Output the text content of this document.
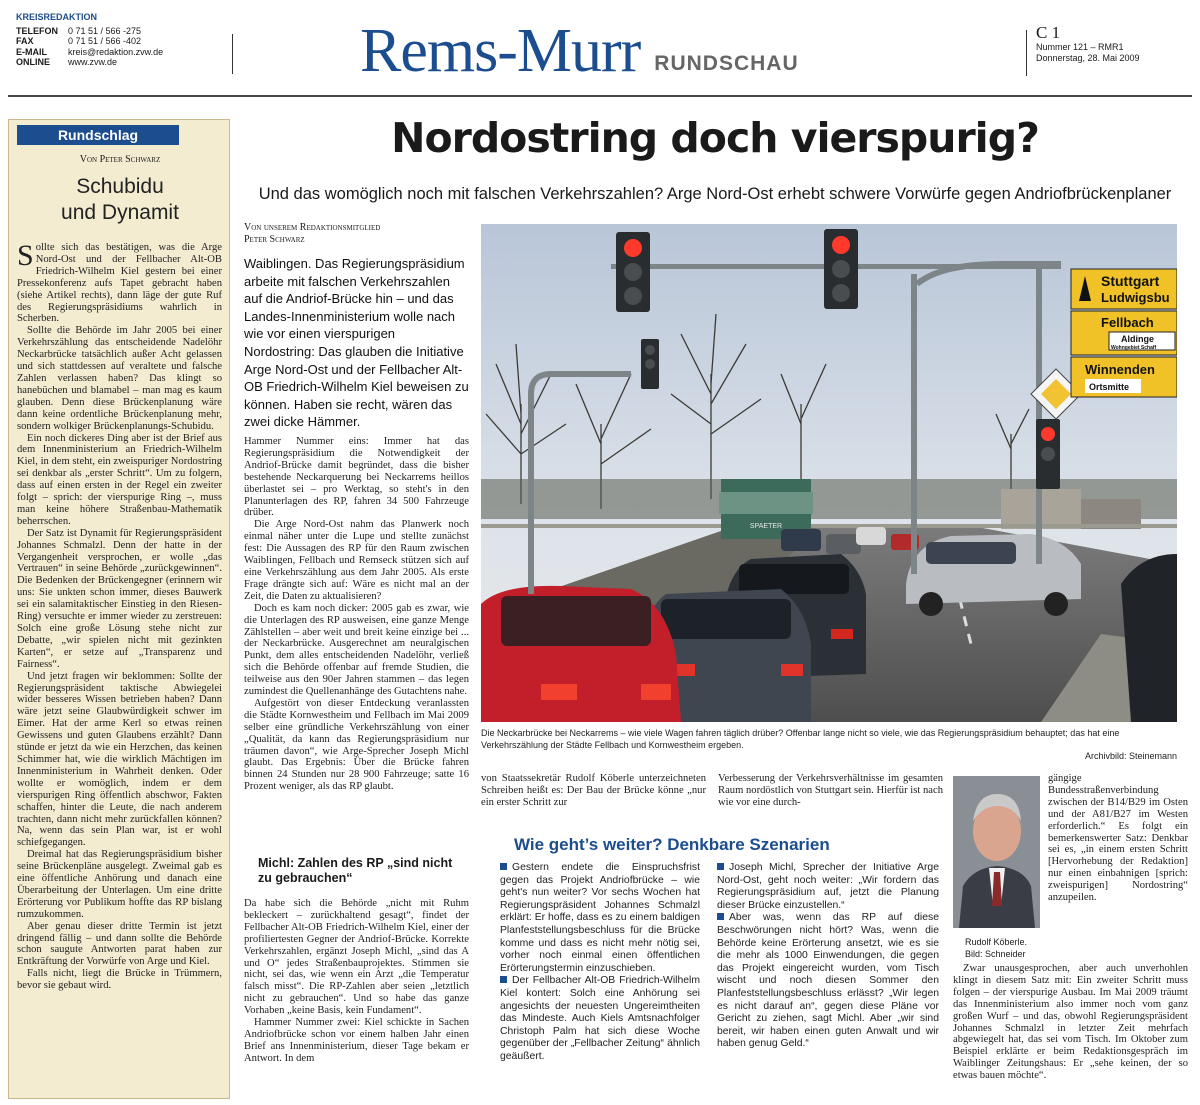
KREISREDAKTION
TELEFON	0 71 51 / 566 -275
FAX	0 71 51 / 566 -402
E-MAIL	kreis@redaktion.zvw.de
ONLINE	www.zvw.de	Rems-Murr RUNDSCHAU
C 1
Nummer 121 – RMR1
Donnerstag, 28. Mai 2009
Rundschlag
Von Peter Schwarz
Schubidu
und Dynamit

Sollte sich das bestätigen, was die Arge Nord-Ost und der Fellbacher Alt-OB Friedrich-Wilhelm Kiel gestern bei einer Pressekonferenz aufs Tapet gebracht haben (siehe Artikel rechts), dann läge der gute Ruf des Regierungspräsidiums wahrlich in Scherben.

Sollte die Behörde im Jahr 2005 bei einer Verkehrszählung das entscheidende Nadelöhr Neckarbrücke tatsächlich außer Acht gelassen und sich stattdessen auf veraltete und falsche Zahlen verlassen haben? Das klingt so hanebüchen und blamabel – man mag es kaum glauben. Denn diese Brückenplanung wäre dann keine ordentliche Brückenplanung mehr, sondern wolkiger Brückenplanungs-Schubidu.

Ein noch dickeres Ding aber ist der Brief aus dem Innenministerium an Friedrich-Wilhelm Kiel, in dem steht, ein zweispuriger Nordostring sei denkbar als „erster Schritt“. Um zu folgern, dass auf einen ersten in der Regel ein zweiter folgt – sprich: der vierspurige Ring –, muss man keine höhere Straßenbau-Mathematik beherrschen.

Der Satz ist Dynamit für Regierungspräsident Johannes Schmalzl. Denn der hatte in der Vergangenheit versprochen, er wolle „das Vertrauen“ in seine Behörde „zurückgewinnen“. Die Bedenken der Brückengegner (erinnern wir uns: Sie unkten schon immer, dieses Bauwerk sei ein salamitaktischer Einstieg in den Riesen-Ring) versuchte er immer wieder zu zerstreuen: Solch eine große Lösung stehe nicht zur Debatte, „wir spielen nicht mit gezinkten Karten“, er setze auf „Transparenz und Fairness“.

Und jetzt fragen wir beklommen: Sollte der Regierungspräsident taktische Abwiegelei wider besseres Wissen betrieben haben? Dann wäre jetzt seine Glaubwürdigkeit schwer im Eimer. Hat der arme Kerl so etwas reinen Gewissens und guten Glaubens erzählt? Dann stünde er jetzt da wie ein Herzchen, das keinen Schimmer hat, wie die wirklich Mächtigen im Innenministerium in Wahrheit denken. Oder wollte er womöglich, indem er dem vierspurigen Ring öffentlich abschwor, Fakten schaffen, hinter die Leute, die nach anderem trachten, dann nicht mehr zurückfallen können? Na, wenn das sein Plan war, ist er wohl schiefgegangen.

Dreimal hat das Regierungspräsidium bisher seine Brückenpläne ausgelegt. Zweimal gab es eine öffentliche Anhörung und danach eine Überarbeitung der Unterlagen. Um eine dritte Erörterung vor Publikum hoffte das RP bislang rumzukommen.

Aber genau dieser dritte Termin ist jetzt dringend fällig – und dann sollte die Behörde schon saugute Antworten parat haben zur Entkräftung der Vorwürfe von Arge und Kiel.

Falls nicht, liegt die Brücke in Trümmern, bevor sie gebaut wird.

Nordostring doch vierspurig?
Und das womöglich noch mit falschen Verkehrszahlen? Arge Nord-Ost erhebt schwere Vorwürfe gegen Andriofbrückenplaner
Von unserem Redaktionsmitglied
Peter Schwarz
Waiblingen. Das Regierungspräsidium arbeite mit falschen Verkehrszahlen auf die Andriof-Brücke hin – und das Landes-Innenministerium wolle nach wie vor einen vierspurigen Nordostring: Das glauben die Initiative Arge Nord-Ost und der Fellbacher Alt-OB Friedrich-Wilhelm Kiel beweisen zu können. Haben sie recht, wären das zwei dicke Hämmer.

Hammer Nummer eins: Immer hat das Regierungspräsidium die Notwendigkeit der Andriof-Brücke damit begründet, dass die bisher bestehende Neckarquerung bei Neckarrems heillos überlastet sei – pro Werktag, so steht's in den Planunterlagen des RP, fahren 34 500 Fahrzeuge drüber.

Die Arge Nord-Ost nahm das Planwerk noch einmal näher unter die Lupe und stellte zunächst fest: Die Aussagen des RP für den Raum zwischen Waiblingen, Fellbach und Remseck stützen sich auf eine Verkehrszählung aus dem Jahr 2005. Als erste Frage drängte sich auf: Wäre es nicht mal an der Zeit, die Daten zu aktualisieren?

Doch es kam noch dicker: 2005 gab es zwar, wie die Unterlagen des RP ausweisen, eine ganze Menge Zählstellen – aber weit und breit keine einzige bei ... der Neckarbrücke. Ausgerechnet am neuralgischen Punkt, dem alles entscheidenden Nadelöhr, verließ sich die Behörde offenbar auf fremde Studien, die teilweise aus den 90er Jahren stammen – das legen zumindest die Quellenanhänge des Gutachtens nahe.

Aufgestört von dieser Entdeckung veranlassten die Städte Kornwestheim und Fellbach im Mai 2009 selber eine gründliche Verkehrszählung von einer „Qualität, da kann das Regierungspräsidium nur träumen davon“, wie Arge-Sprecher Joseph Michl glaubt. Das Ergebnis: Über die Brücke fahren binnen 24 Stunden nur 28 900 Fahrzeuge; satte 16 Prozent weniger, als das RP glaubt.

Michl: Zahlen des RP „sind nicht zu gebrauchen“

Da habe sich die Behörde „nicht mit Ruhm bekleckert – zurückhaltend gesagt“, findet der Fellbacher Alt-OB Friedrich-Wilhelm Kiel, einer der profiliertesten Gegner der Andriof-Brücke. Korrekte Verkehrszahlen, ergänzt Joseph Michl, „sind das A und O“ jedes Straßenbauprojektes. Stimmen sie nicht, sei das, wie wenn ein Arzt „die Temperatur falsch misst“. Die RP-Zahlen aber seien „letztlich nicht zu gebrauchen“. Und so habe das ganze Vorhaben „keine Basis, kein Fundament“.

Hammer Nummer zwei: Kiel schickte in Sachen Andriofbrücke schon vor einem halben Jahr einen Brief ans Innenministerium, dieser Tage bekam er Antwort. In dem

SPAETER
Stuttgart
Ludwigsbu
Fellbach
Aldinge
Wohngebiet Schaff
Winnenden
Ortsmitte
Die Neckarbrücke bei Neckarrems – wie viele Wagen fahren täglich drüber? Offenbar lange nicht so viele, wie das Regierungspräsidium behauptet; das hat eine Verkehrszählung der Städte Fellbach und Kornwestheim ergeben.
Archivbild: Steinemann

von Staatssekretär Rudolf Köberle unterzeichneten Schreiben heißt es: Der Bau der Brücke könne „nur ein erster Schritt zur

Verbesserung der Verkehrsverhältnisse im gesamten Raum nordöstlich von Stuttgart sein. Hierfür ist nach wie vor eine durch-

Wie geht’s weiter? Denkbare Szenarien

Gestern endete die Einspruchsfrist gegen das Projekt Andriofbrücke – wie geht's nun weiter? Vor sechs Wochen hat Regierungspräsident Johannes Schmalzl erklärt: Er hoffe, dass es zu einem baldigen Planfeststellungsbeschluss für die Brücke komme und dass es nicht mehr nötig sei, vorher noch einmal einen öffentlichen Erörterungstermin einzuschieben.

Der Fellbacher Alt-OB Friedrich-Wilhelm Kiel kontert: Solch eine Anhörung sei angesichts der neuesten Ungereimtheiten das Mindeste. Auch Kiels Amtsnachfolger Christoph Palm hat sich diese Woche gegenüber der „Fellbacher Zeitung“ ähnlich geäußert.

Joseph Michl, Sprecher der Initiative Arge Nord-Ost, geht noch weiter: „Wir fordern das Regierungspräsidium auf, jetzt die Planung dieser Brücke einzustellen.“

Aber was, wenn das RP auf diese Beschwörungen nicht hört? Was, wenn die Behörde keine Erörterung ansetzt, wie es sie die mehr als 1000 Einwendungen, die gegen das Projekt eingereicht wurden, vom Tisch wischt und noch diesen Sommer den Planfeststellungsbeschluss erlässt? „Wir legen es nicht darauf an“, gegen diese Pläne vor Gericht zu ziehen, sagt Michl. Aber „wir sind bereit, wir haben einen guten Anwalt und wir haben genug Geld.“

Rudolf Köberle.
Bild: Schneider

gängige Bundesstraßenverbindung zwischen der B14/B29 im Osten und der A81/B27 im Westen erforderlich.“ Es folgt ein bemerkenswerter Satz: Denkbar sei es, „in einem ersten Schritt [Hervorhebung der Redaktion] nur einen einbahnigen [sprich: zweispurigen] Nordostring“ anzupeilen.

Zwar unausgesprochen, aber auch unverhohlen klingt in diesem Satz mit: Ein zweiter Schritt muss folgen – der vierspurige Ausbau. Im Mai 2009 träumt das Innenministerium also immer noch vom ganz großen Wurf – und das, obwohl Regierungspräsident Johannes Schmalzl in letzter Zeit mehrfach abgewiegelt hat, das sei vom Tisch. Im Oktober zum Beispiel erklärte er beim Redaktionsgespräch im Waiblinger Zeitungshaus: Er „sehe keinen, der so etwas bauen möchte“.
